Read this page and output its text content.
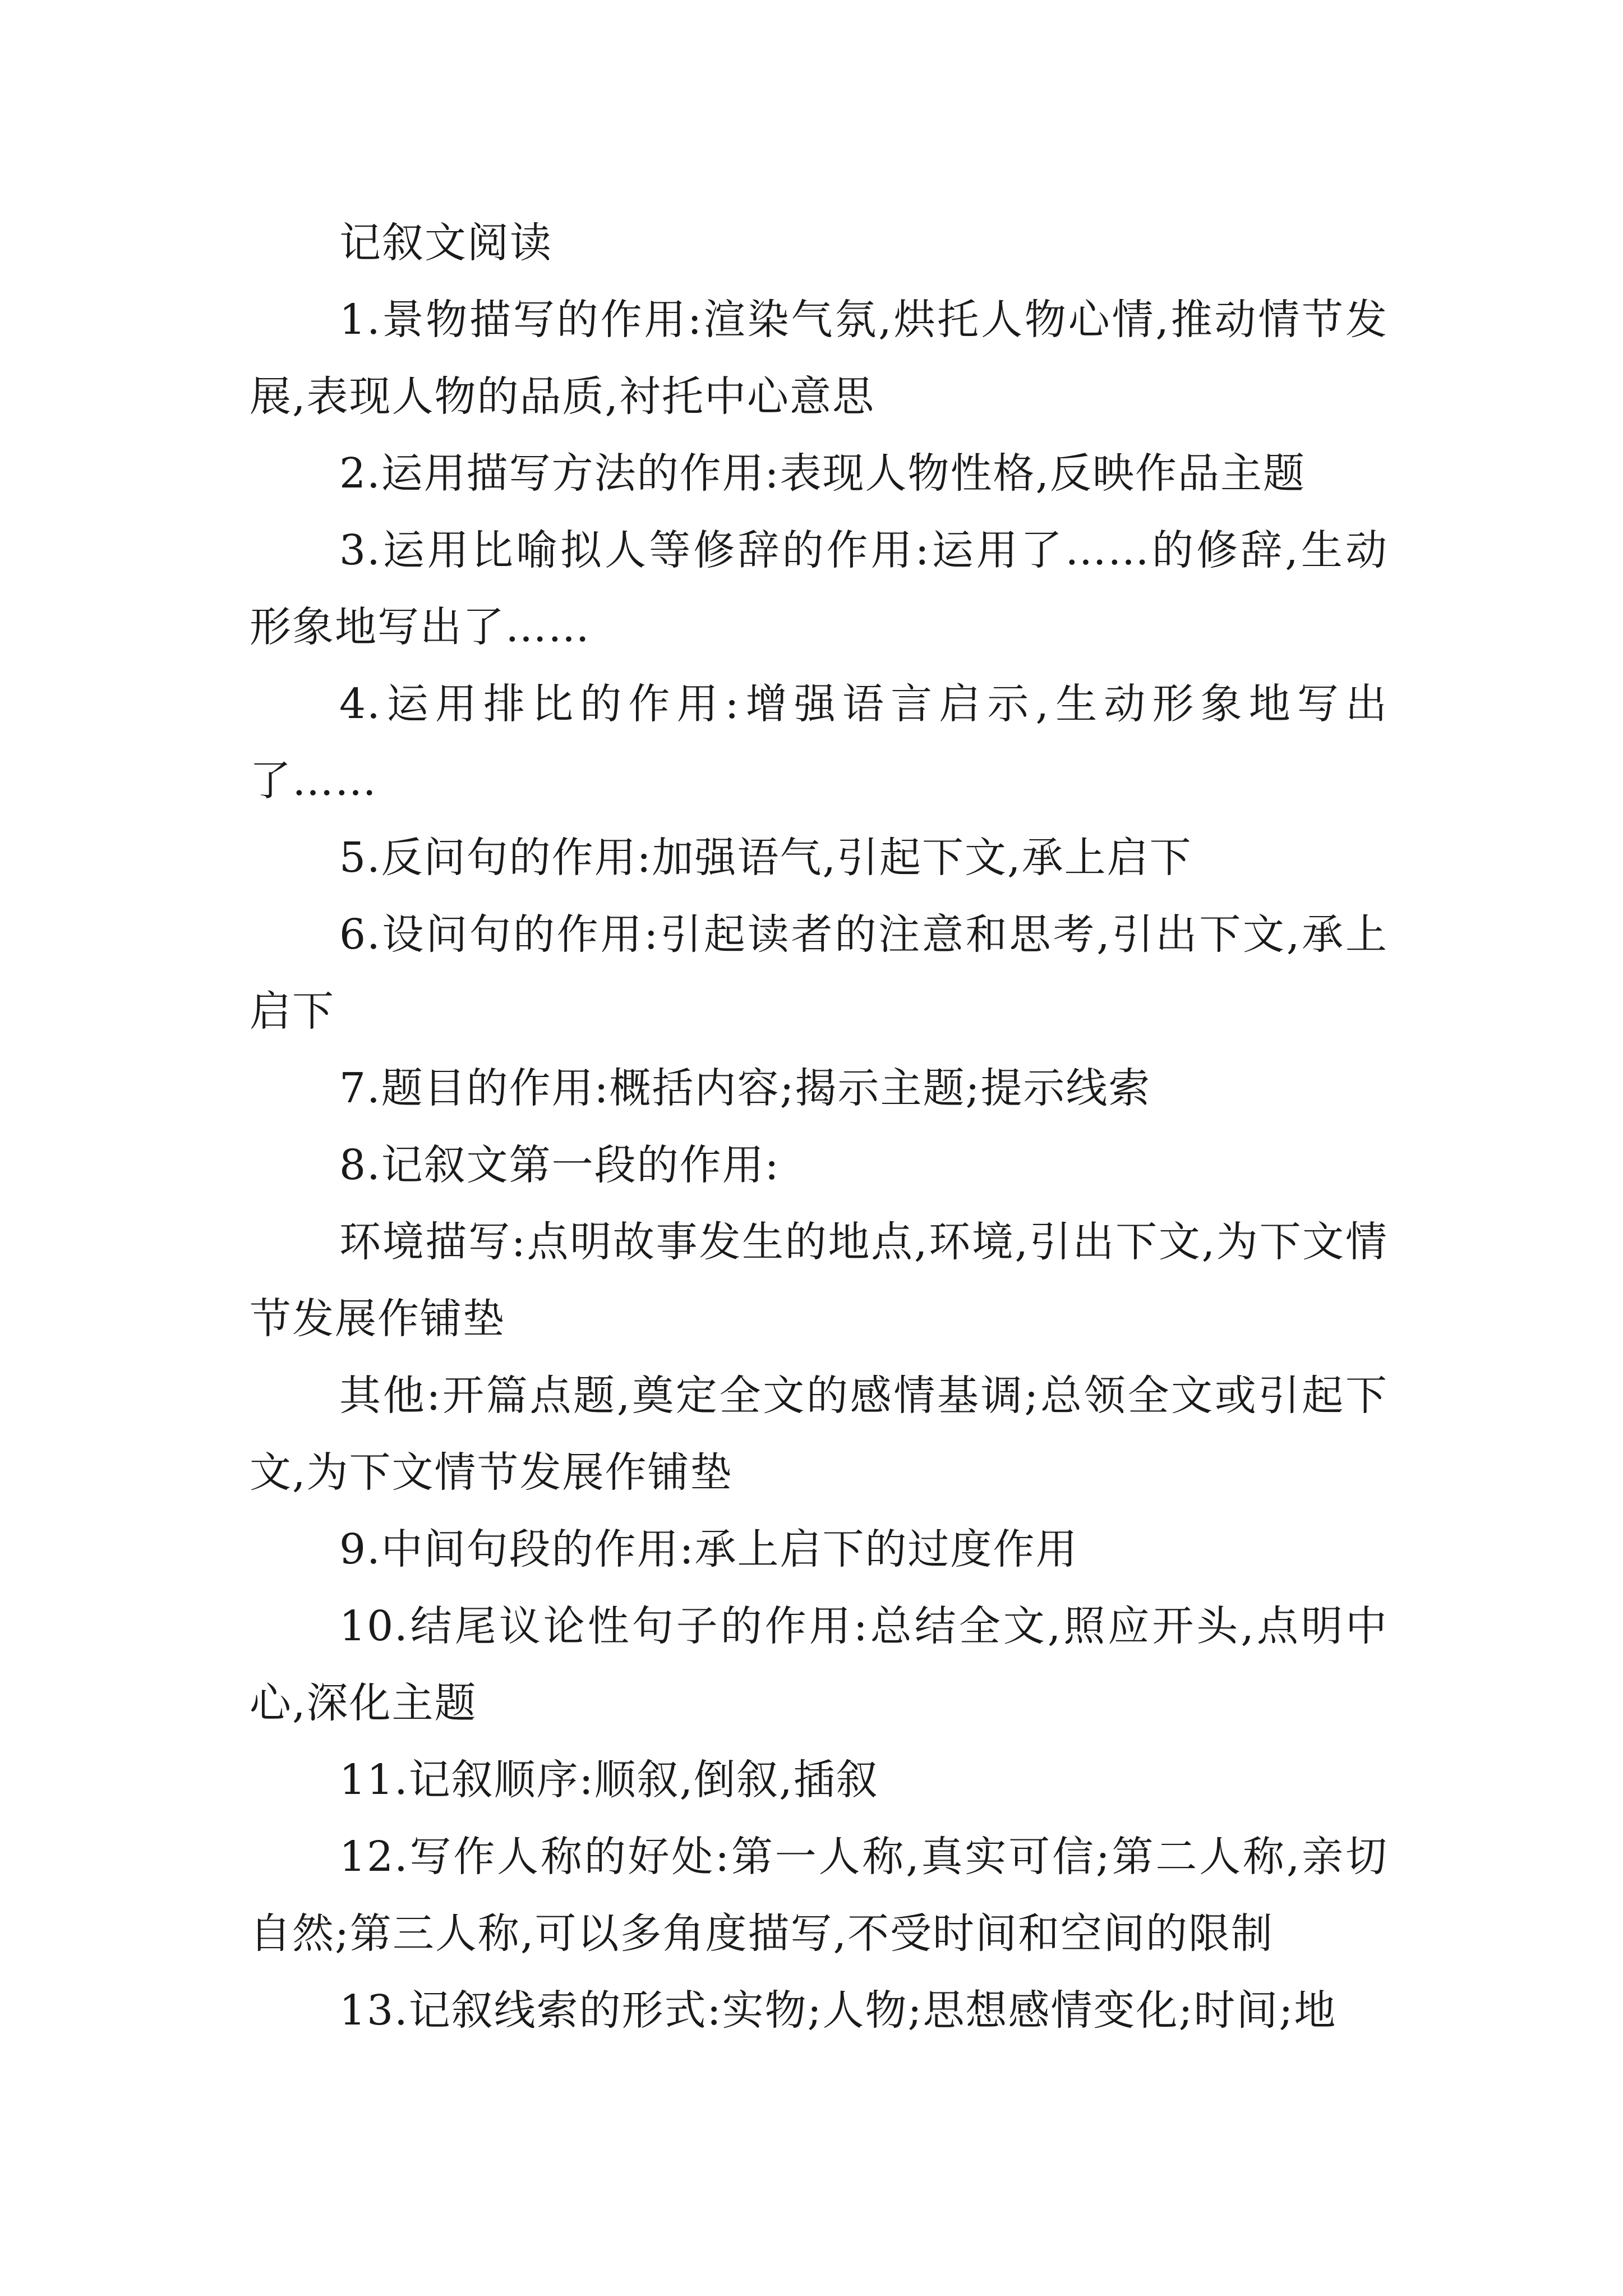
记叙文阅读

1.景物描写的作用:渲染气氛,烘托人物心情,推动情节发展,表现人物的品质,衬托中心意思

2.运用描写方法的作用:表现人物性格,反映作品主题

3.运用比喻拟人等修辞的作用:运用了……的修辞,生动形象地写出了……

4.运用排比的作用:增强语言启示,生动形象地写出了……

5.反问句的作用:加强语气,引起下文,承上启下

6.设问句的作用:引起读者的注意和思考,引出下文,承上启下

7.题目的作用:概括内容;揭示主题;提示线索

8.记叙文第一段的作用:

环境描写:点明故事发生的地点,环境,引出下文,为下文情节发展作铺垫

其他:开篇点题,奠定全文的感情基调;总领全文或引起下文,为下文情节发展作铺垫

9.中间句段的作用:承上启下的过度作用

10.结尾议论性句子的作用:总结全文,照应开头,点明中心,深化主题

11.记叙顺序:顺叙,倒叙,插叙

12.写作人称的好处:第一人称,真实可信;第二人称,亲切自然;第三人称,可以多角度描写,不受时间和空间的限制

13.记叙线索的形式:实物;人物;思想感情变化;时间;地
